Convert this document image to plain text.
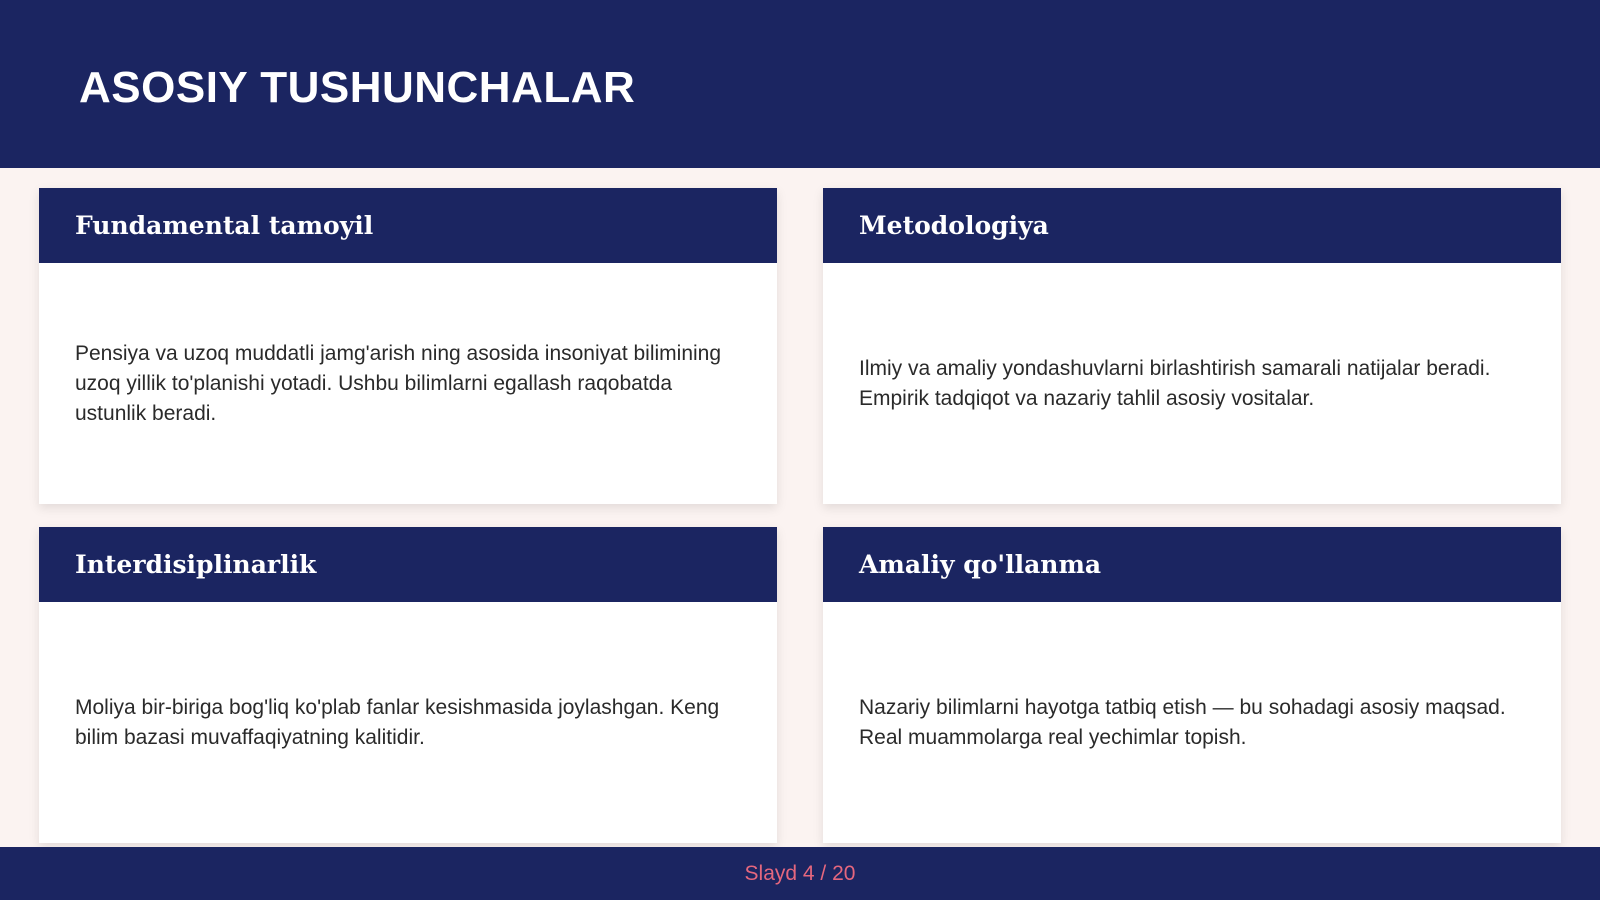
ASOSIY TUSHUNCHALAR
Fundamental tamoyil

Pensiya va uzoq muddatli jamg'arish ning asosida insoniyat bilimining uzoq yillik to'planishi yotadi. Ushbu bilimlarni egallash raqobatda ustunlik beradi.

Metodologiya

Ilmiy va amaliy yondashuvlarni birlashtirish samarali natijalar beradi. Empirik tadqiqot va nazariy tahlil asosiy vositalar.

Interdisiplinarlik

Moliya bir-biriga bog'liq ko'plab fanlar kesishmasida joylashgan. Keng bilim bazasi muvaffaqiyatning kalitidir.

Amaliy qo'llanma

Nazariy bilimlarni hayotga tatbiq etish — bu sohadagi asosiy maqsad. Real muammolarga real yechimlar topish.

Slayd 4 / 20
